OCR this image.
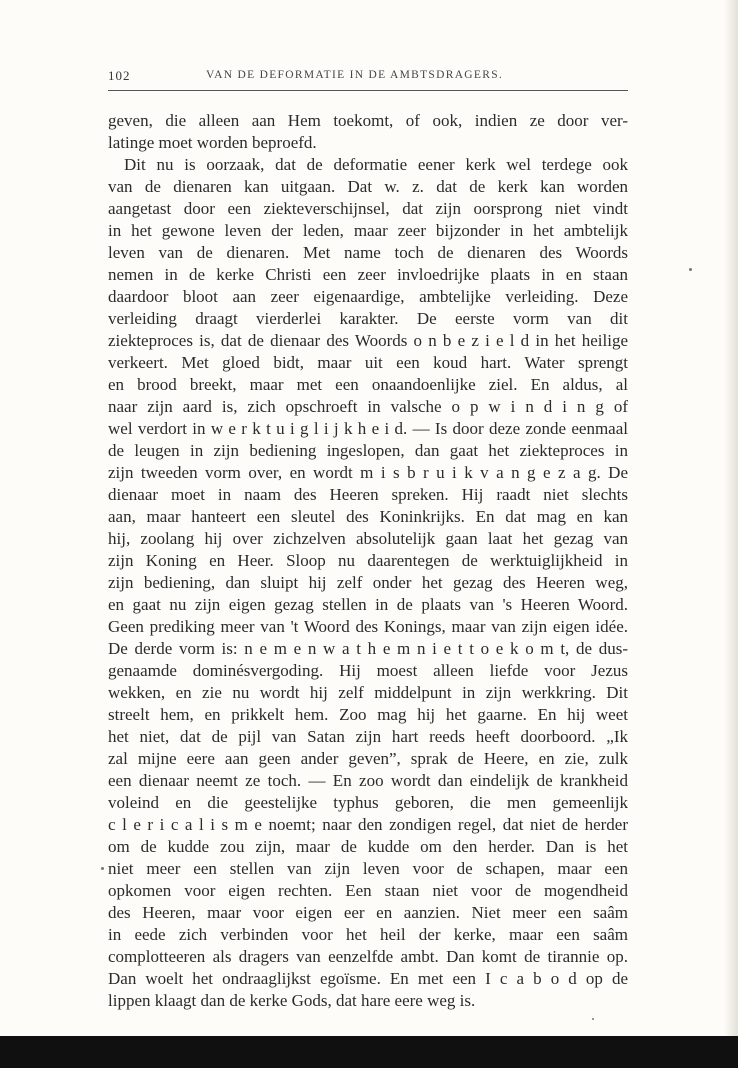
102	VAN DE DEFORMATIE IN DE AMBTSDRAGERS.
geven, die alleen aan Hem toekomt, of ook, indien ze door ver-
latinge moet worden beproefd.
Dit nu is oorzaak, dat de deformatie eener kerk wel terdege ook
van de dienaren kan uitgaan. Dat w. z. dat de kerk kan worden
aangetast door een ziekteverschijnsel, dat zijn oorsprong niet vindt
in het gewone leven der leden, maar zeer bijzonder in het ambtelijk
leven van de dienaren. Met name toch de dienaren des Woords
nemen in de kerke Christi een zeer invloedrijke plaats in en staan
daardoor bloot aan zeer eigenaardige, ambtelijke verleiding. Deze
verleiding draagt vierderlei karakter. De eerste vorm van dit
ziekteproces is, dat de dienaar des Woords o n b e z i e l d in het heilige
verkeert. Met gloed bidt, maar uit een koud hart. Water sprengt
en brood breekt, maar met een onaandoenlijke ziel. En aldus, al
naar zijn aard is, zich opschroeft in valsche o p w i n d i n g of
wel verdort in w e r k t u i g l i j k h e i d. — Is door deze zonde eenmaal
de leugen in zijn bediening ingeslopen, dan gaat het ziekteproces in
zijn tweeden vorm over, en wordt m i s b r u i k v a n g e z a g. De
dienaar moet in naam des Heeren spreken. Hij raadt niet slechts
aan, maar hanteert een sleutel des Koninkrijks. En dat mag en kan
hij, zoolang hij over zichzelven absolutelijk gaan laat het gezag van
zijn Koning en Heer. Sloop nu daarentegen de werktuiglijkheid in
zijn bediening, dan sluipt hij zelf onder het gezag des Heeren weg,
en gaat nu zijn eigen gezag stellen in de plaats van 's Heeren Woord.
Geen prediking meer van 't Woord des Konings, maar van zijn eigen idée.
De derde vorm is: n e m e n w a t h e m n i e t t o e k o m t, de dus-
genaamde dominésvergoding. Hij moest alleen liefde voor Jezus
wekken, en zie nu wordt hij zelf middelpunt in zijn werkkring. Dit
streelt hem, en prikkelt hem. Zoo mag hij het gaarne. En hij weet
het niet, dat de pijl van Satan zijn hart reeds heeft doorboord. „Ik
zal mijne eere aan geen ander geven”, sprak de Heere, en zie, zulk
een dienaar neemt ze toch. — En zoo wordt dan eindelijk de krankheid
voleind en die geestelijke typhus geboren, die men gemeenlijk
c l e r i c a l i s m e noemt; naar den zondigen regel, dat niet de herder
om de kudde zou zijn, maar de kudde om den herder. Dan is het
niet meer een stellen van zijn leven voor de schapen, maar een
opkomen voor eigen rechten. Een staan niet voor de mogendheid
des Heeren, maar voor eigen eer en aanzien. Niet meer een saâm
in eede zich verbinden voor het heil der kerke, maar een saâm
complotteeren als dragers van eenzelfde ambt. Dan komt de tirannie op.
Dan woelt het ondraaglijkst egoïsme. En met een I c a b o d op de
lippen klaagt dan de kerke Gods, dat hare eere weg is.
